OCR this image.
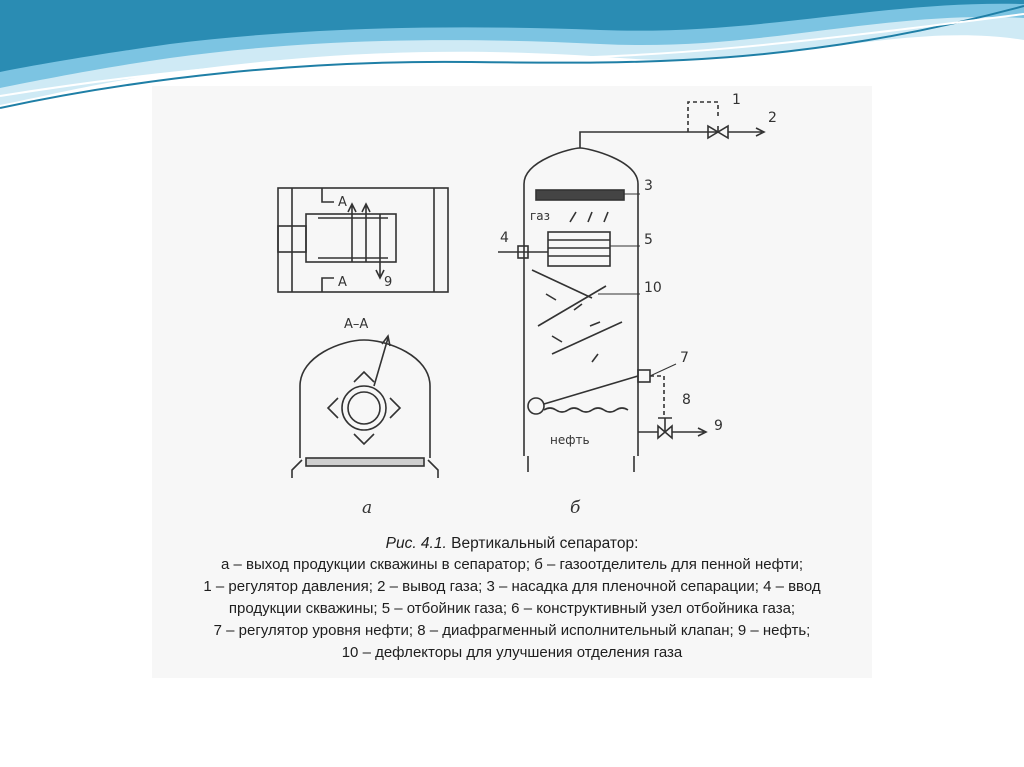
А
А	9
А–А
газ
нефть
1
2
3
4	5
10
7
8
9
а	б
Рис. 4.1. Вертикальный сепаратор:
а – выход продукции скважины в сепаратор; б – газоотделитель для пенной нефти;
1 – регулятор давления; 2 – вывод газа; 3 – насадка для пленочной сепарации; 4 – ввод
продукции скважины; 5 – отбойник газа; 6 – конструктивный узел отбойника газа;
7 – регулятор уровня нефти; 8 – диафрагменный исполнительный клапан; 9 – нефть;
10 – дефлекторы для улучшения отделения газа
